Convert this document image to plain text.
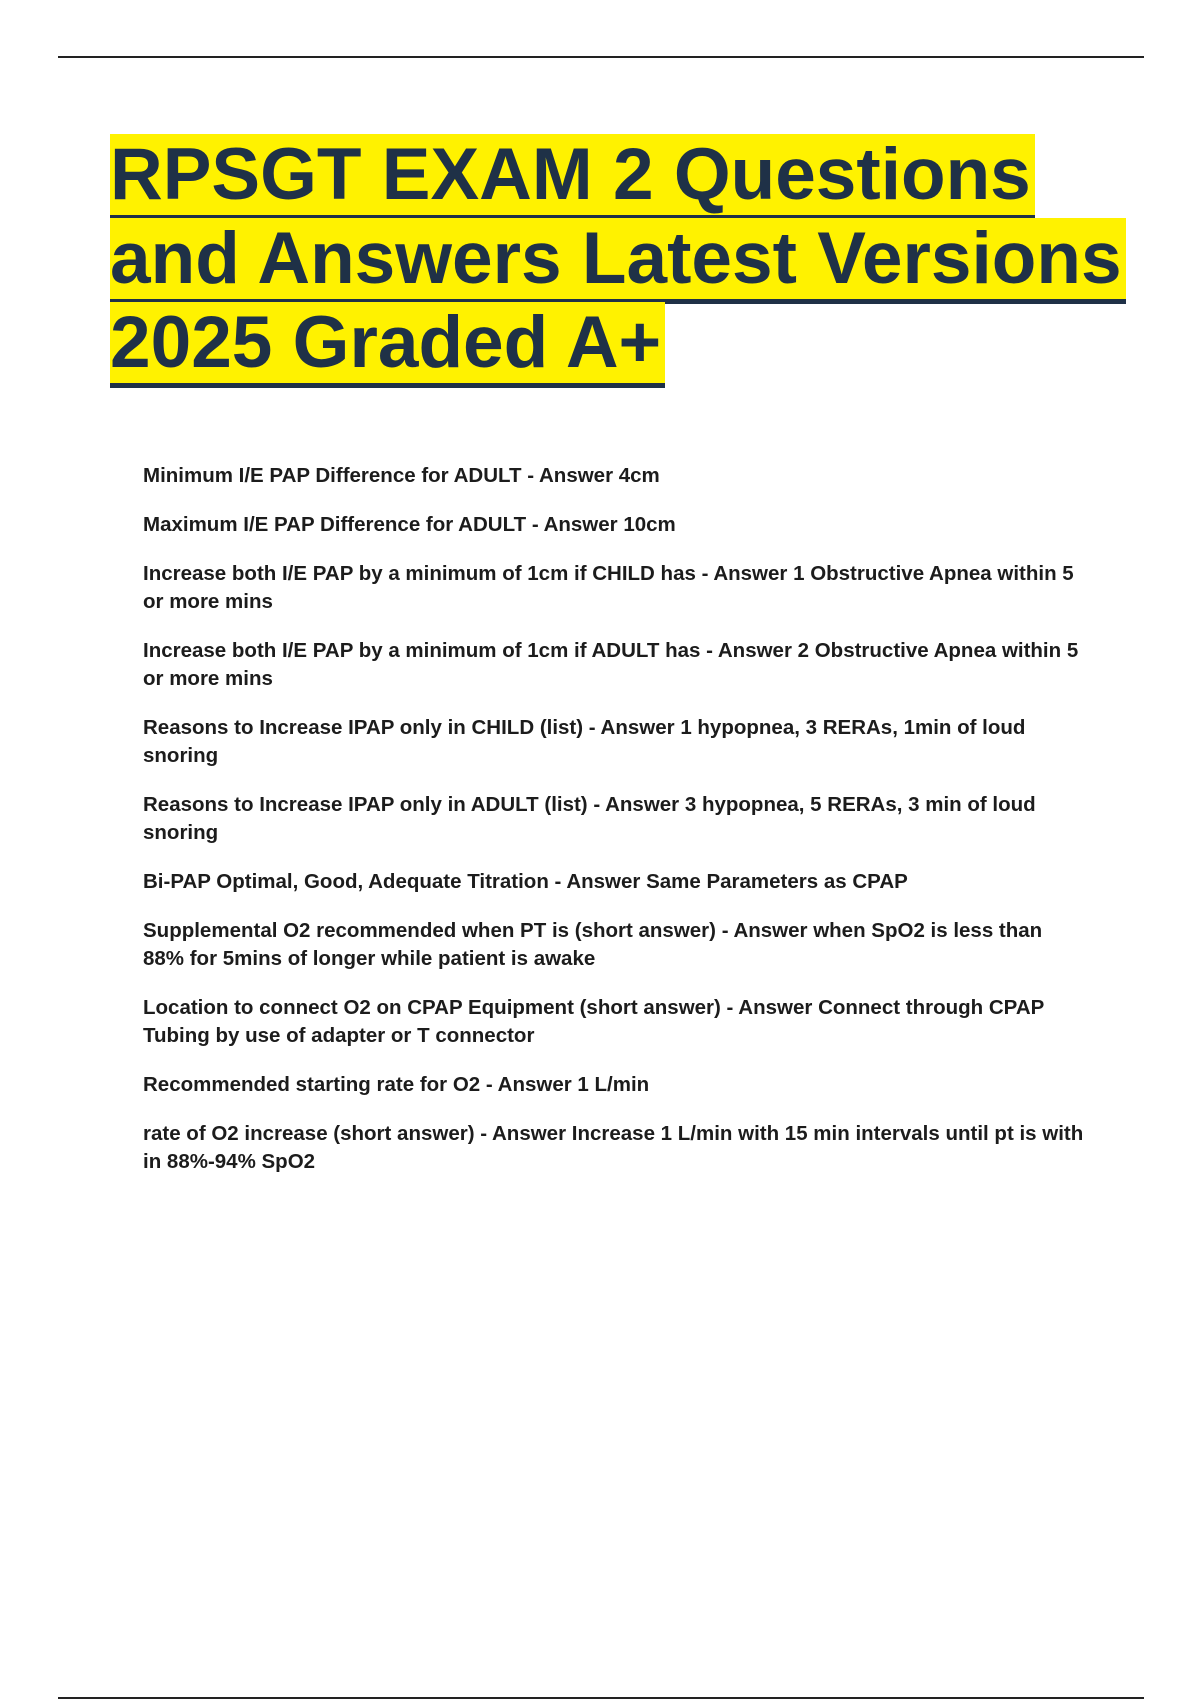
RPSGT EXAM 2 Questions and Answers Latest Versions 2025 Graded A+
Minimum I/E PAP Difference for ADULT - Answer 4cm
Maximum I/E PAP Difference for ADULT - Answer 10cm
Increase both I/E PAP by a minimum of 1cm if CHILD has - Answer 1 Obstructive Apnea within 5 or more mins
Increase both I/E PAP by a minimum of 1cm if ADULT has - Answer 2 Obstructive Apnea within 5 or more mins
Reasons to Increase IPAP only in CHILD (list) - Answer 1 hypopnea, 3 RERAs, 1min of loud snoring
Reasons to Increase IPAP only in ADULT (list) - Answer 3 hypopnea, 5 RERAs, 3 min of loud snoring
Bi-PAP Optimal, Good, Adequate Titration - Answer Same Parameters as CPAP
Supplemental O2 recommended when PT is (short answer) - Answer when SpO2 is less than 88% for 5mins of longer while patient is awake
Location to connect O2 on CPAP Equipment (short answer) - Answer Connect through CPAP Tubing by use of adapter or T connector
Recommended starting rate for O2 - Answer 1 L/min
rate of O2 increase (short answer) - Answer Increase 1 L/min with 15 min intervals until pt is with in 88%-94% SpO2
